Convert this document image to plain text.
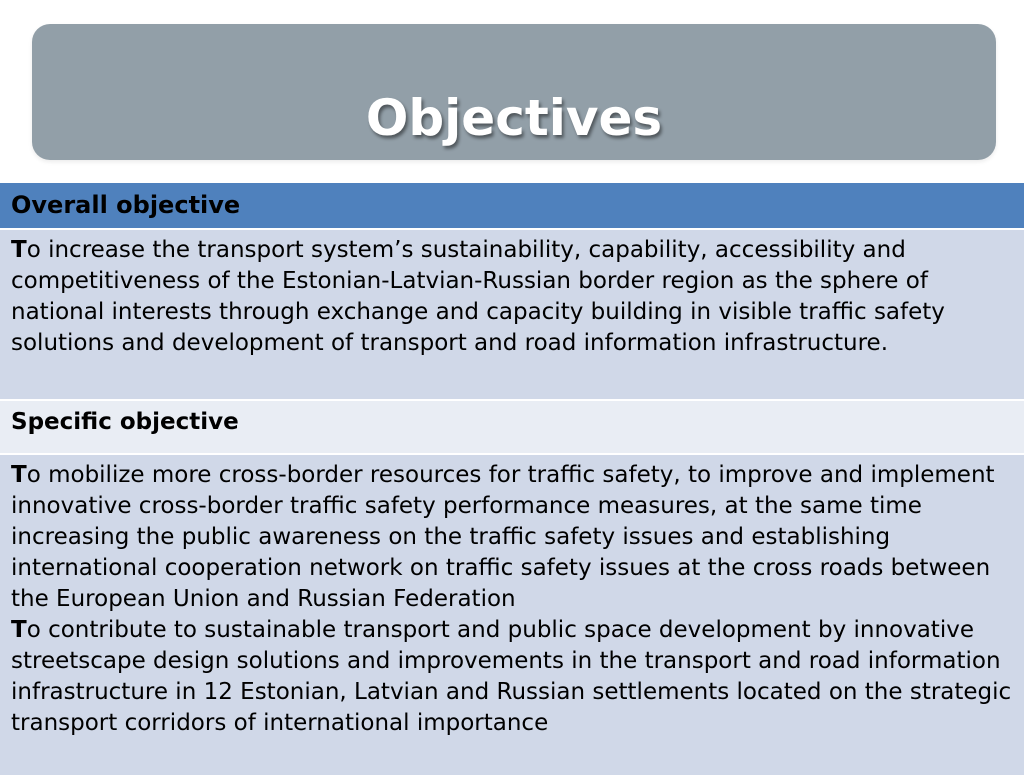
Objectives
Overall objective
To increase the transport system’s sustainability, capability, accessibility and competitiveness of the Estonian-Latvian-Russian border region as the sphere of national interests through exchange and capacity building in visible traffic safety solutions and development of transport and road information infrastructure.
Specific objective

To mobilize more cross-border resources for traffic safety, to improve and implement innovative cross-border traffic safety performance measures, at the same time increasing the public awareness on the traffic safety issues and establishing international cooperation network on traffic safety issues at the cross roads between the European Union and Russian Federation
To contribute to sustainable transport and public space development by innovative streetscape design solutions and improvements in the transport and road information infrastructure in 12 Estonian, Latvian and Russian settlements located on the strategic transport corridors of international importance
